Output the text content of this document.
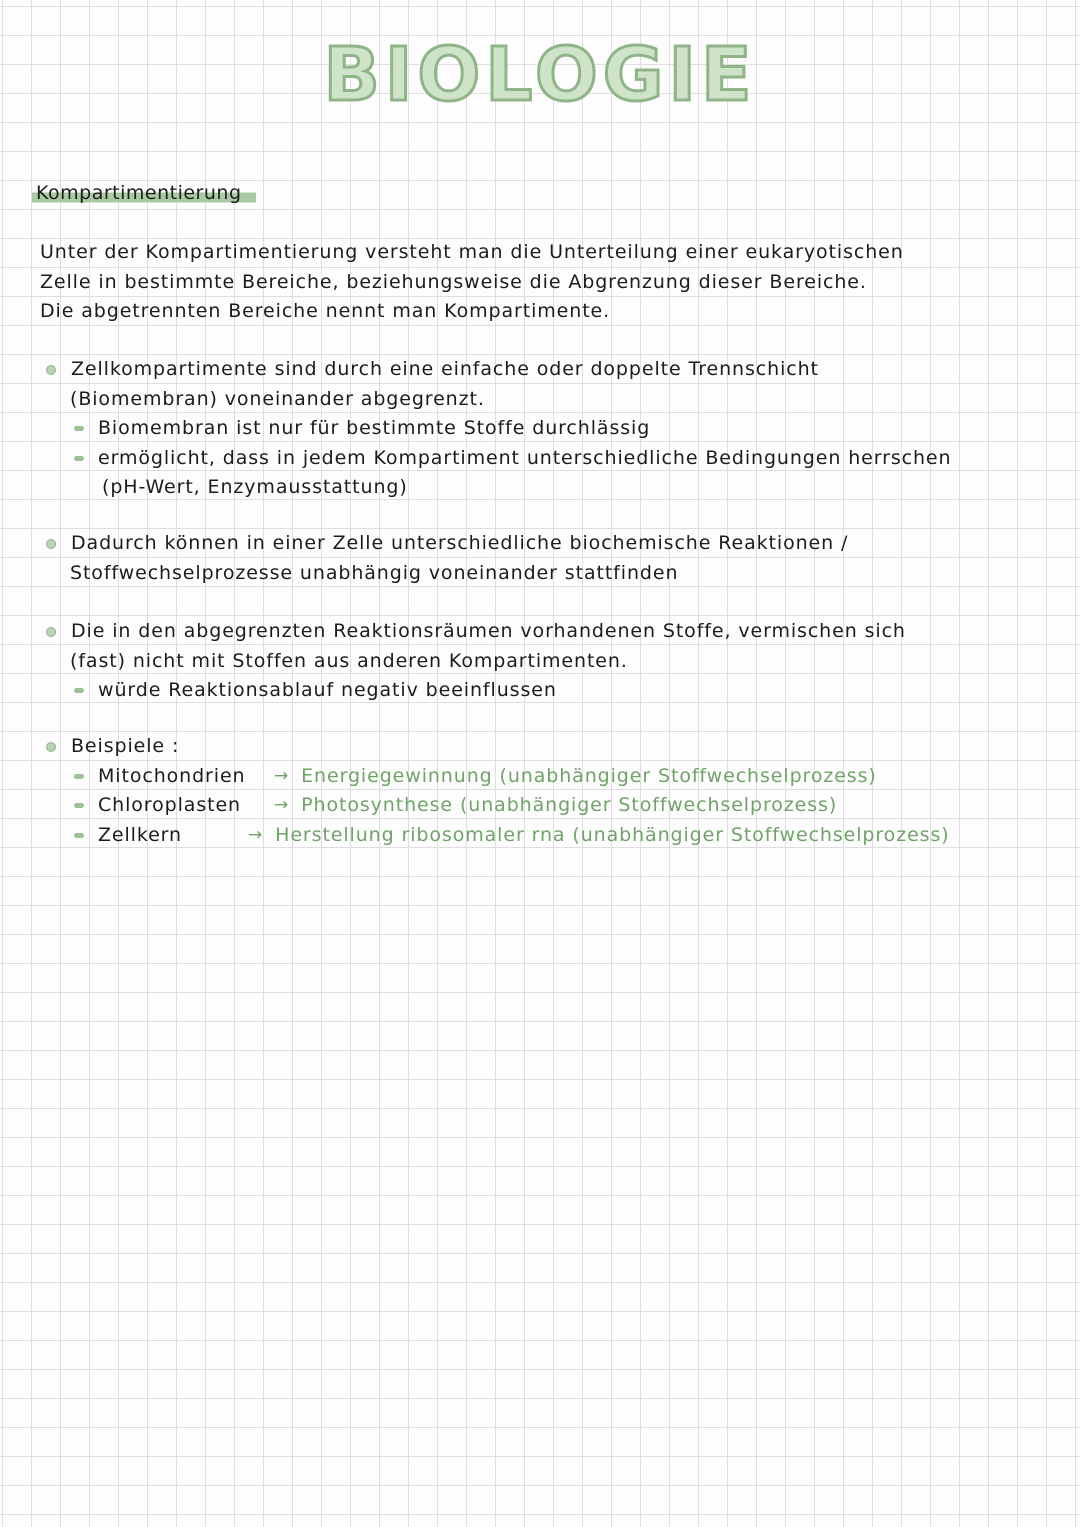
BIOLOGIE
Kompartimentierung
Unter der Kompartimentierung versteht man die Unterteilung einer eukaryotischen
Zelle in bestimmte Bereiche, beziehungsweise die Abgrenzung dieser Bereiche.
Die abgetrennten Bereiche nennt man Kompartimente.
Zellkompartimente sind durch eine einfache oder doppelte Trennschicht
(Biomembran) voneinander abgegrenzt.
Biomembran ist nur für bestimmte Stoffe durchlässig
ermöglicht, dass in jedem Kompartiment unterschiedliche Bedingungen herrschen
(pH-Wert, Enzymausstattung)
Dadurch können in einer Zelle unterschiedliche biochemische Reaktionen /
Stoffwechselprozesse unabhängig voneinander stattfinden
Die in den abgegrenzten Reaktionsräumen vorhandenen Stoffe, vermischen sich
(fast) nicht mit Stoffen aus anderen Kompartimenten.
würde Reaktionsablauf negativ beeinflussen
Beispiele :
Mitochondrien	→ Energiegewinnung (unabhängiger Stoffwechselprozess)
Chloroplasten	→ Photosynthese (unabhängiger Stoffwechselprozess)
Zellkern	→ Herstellung ribosomaler rna (unabhängiger Stoffwechselprozess)
